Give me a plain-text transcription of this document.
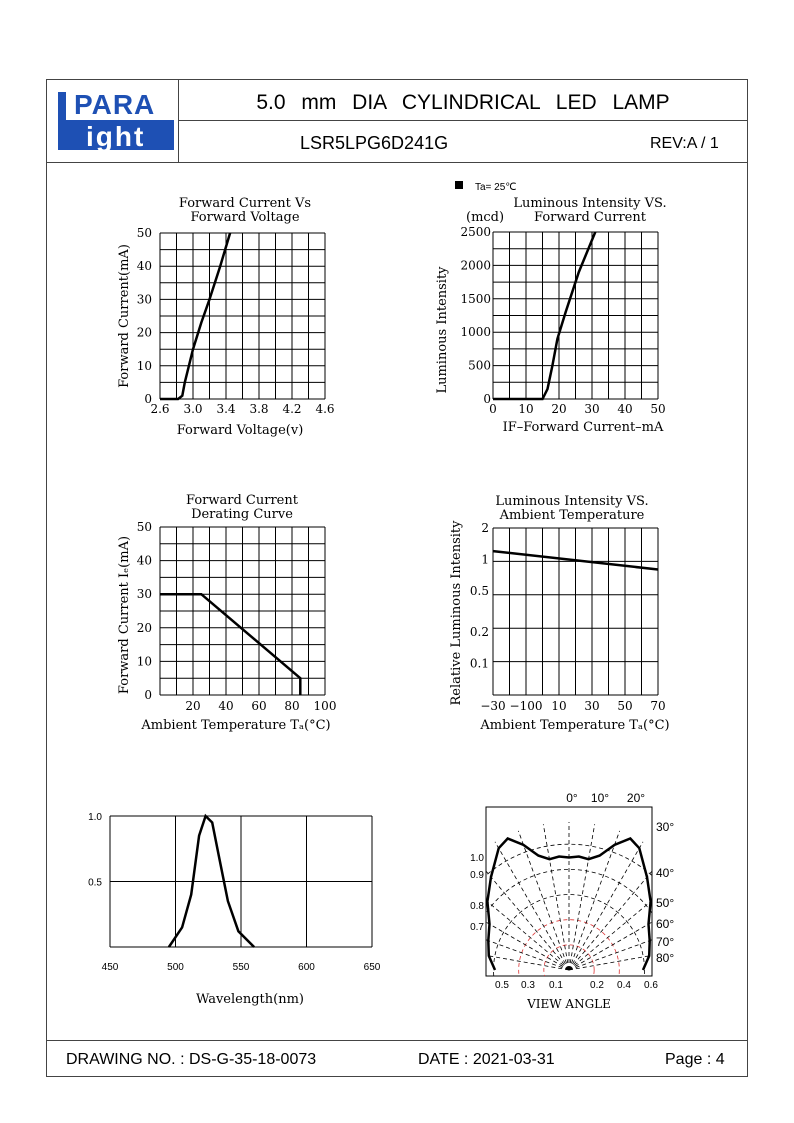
PARA
ight
5.0 mm DIA CYLINDRICAL LED LAMP
LSR5LPG6D241G	REV:A / 1
Ta= 25℃
Forward Current Vs
Forward Voltage
2.6 3.0 3.4 3.8 4.2 4.6
0
10
20
30
40
50
Forward Voltage(v)
Forward Current(mA)
Luminous Intensity VS.
Forward Current
(mcd)
0 10 20 30 40 50
0
500
1000
1500
2000
2500
IF–Forward Current–mA
Luminous Intensity
Forward Current
Derating Curve
20 40 60 80 100
0
10
20
30
40
50
Ambient Temperature Tₐ(°C)
Forward Current Iₑ(mA)
Luminous Intensity VS.
Ambient Temperature
−30 −100 10 30 50 70
2
1
0.5
0.2
0.1
Ambient Temperature Tₐ(°C)
Relative Luminous Intensity
450	500	550	600	650
1.0
0.5
Wavelength(nm)
0° 10° 20°
30°
40°
50°
60°
70°
80°
1.0
0.9
0.8
0.7
0.5 0.3 0.1	0.2 0.4 0.6
VIEW ANGLE
DRAWING NO. : DS-G-35-18-0073	DATE : 2021-03-31	Page : 4
